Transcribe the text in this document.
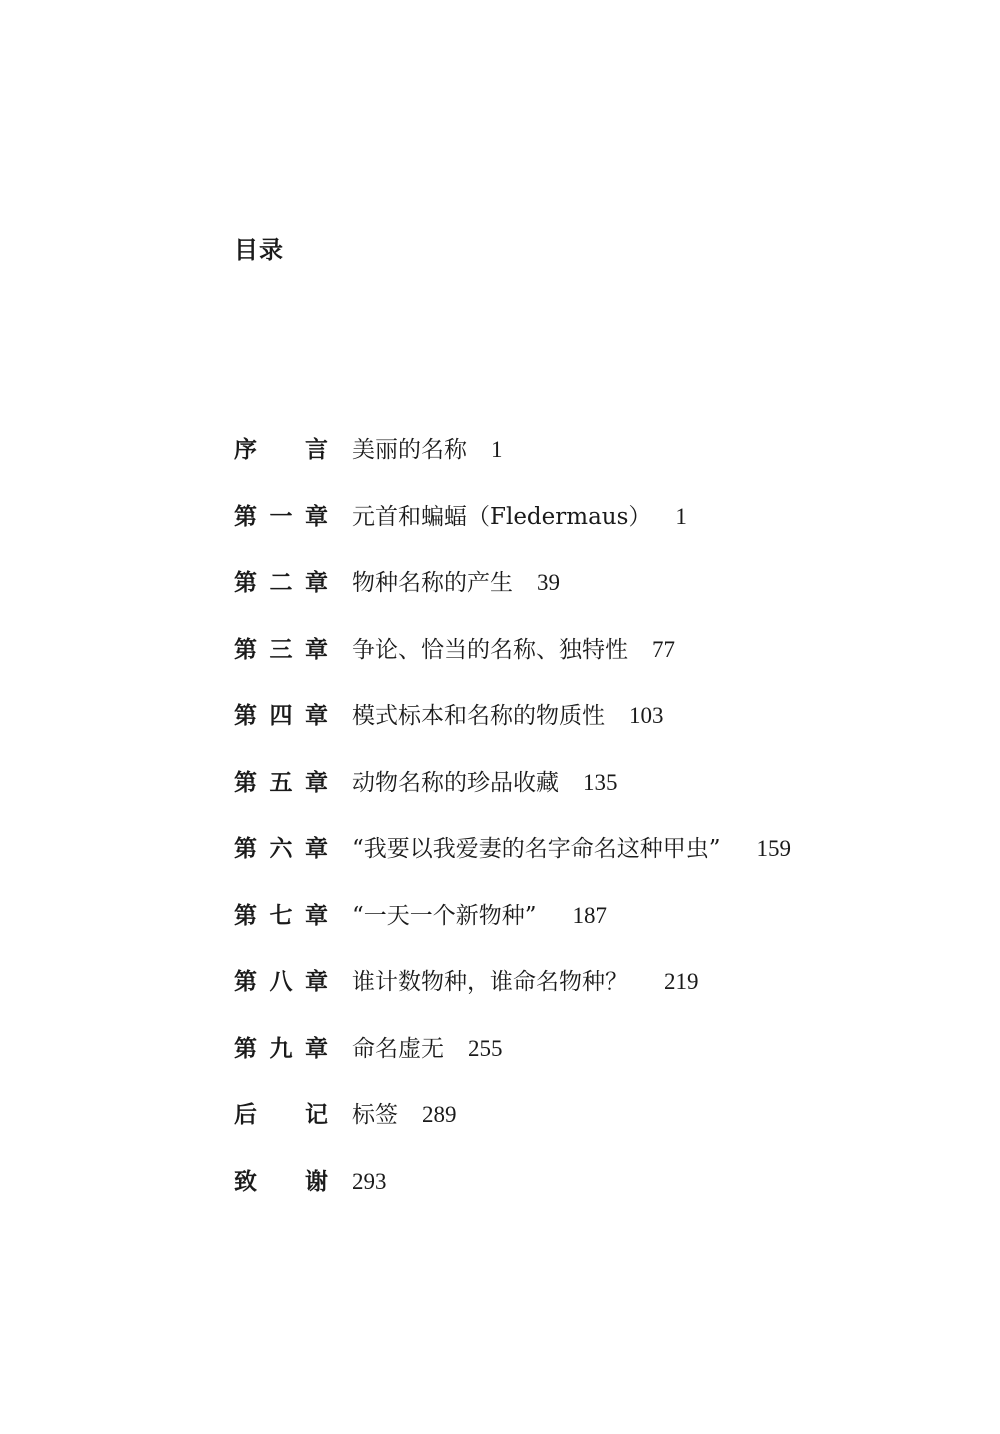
目录
序 言 美丽的名称 1
第一章 元首和蝙蝠（Fledermaus） 1
第二章 物种名称的产生 39
第三章 争论、恰当的名称、独特性 77
第四章 模式标本和名称的物质性 103
第五章 动物名称的珍品收藏 135
第六章 “我要以我爱妻的名字命名这种甲虫” 159
第七章 “一天一个新物种” 187
第八章 谁计数物种，谁命名物种？ 219
第九章 命名虚无 255
后 记 标签 289
致 谢 293
